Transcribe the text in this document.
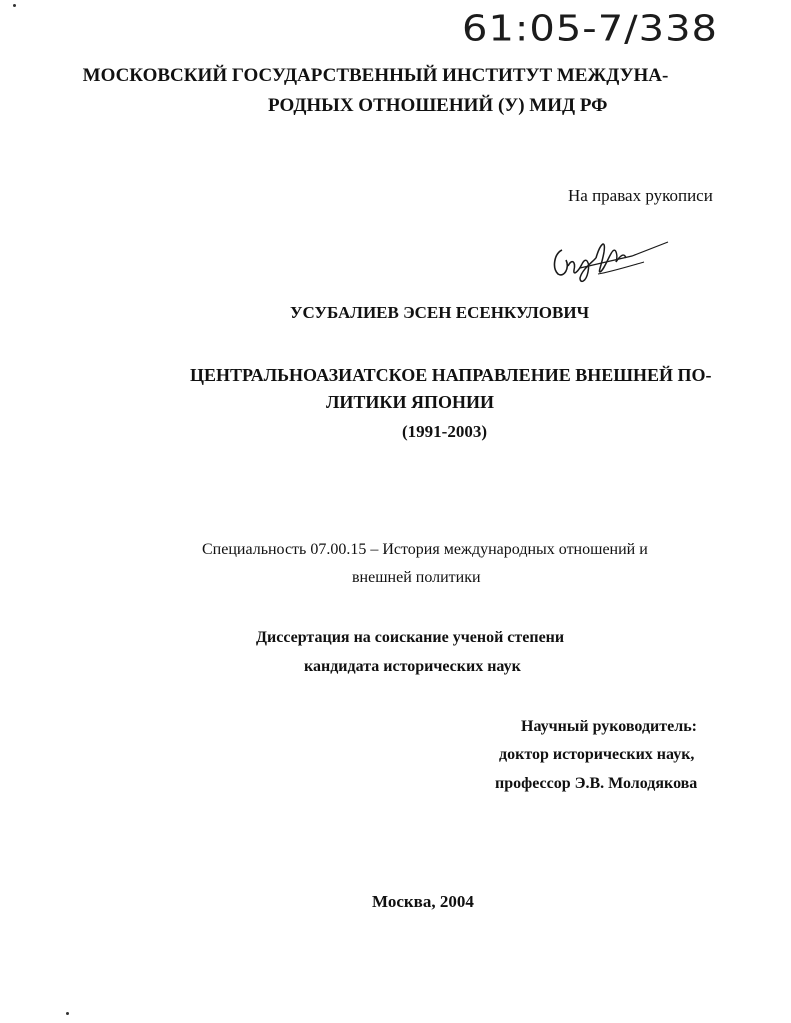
61:05-7/338
МОСКОВСКИЙ ГОСУДАРСТВЕННЫЙ ИНСТИТУТ МЕЖДУНА-
РОДНЫХ ОТНОШЕНИЙ (У) МИД РФ
На правах рукописи
УСУБАЛИЕВ ЭСЕН ЕСЕНКУЛОВИЧ
ЦЕНТРАЛЬНОАЗИАТСКОЕ НАПРАВЛЕНИЕ ВНЕШНЕЙ ПО-
ЛИТИКИ ЯПОНИИ
(1991-2003)
Специальность 07.00.15 – История международных отношений и
внешней политики
Диссертация на соискание ученой степени
кандидата исторических наук
Научный руководитель:
доктор исторических наук,
профессор Э.В. Молодякова
Москва, 2004
